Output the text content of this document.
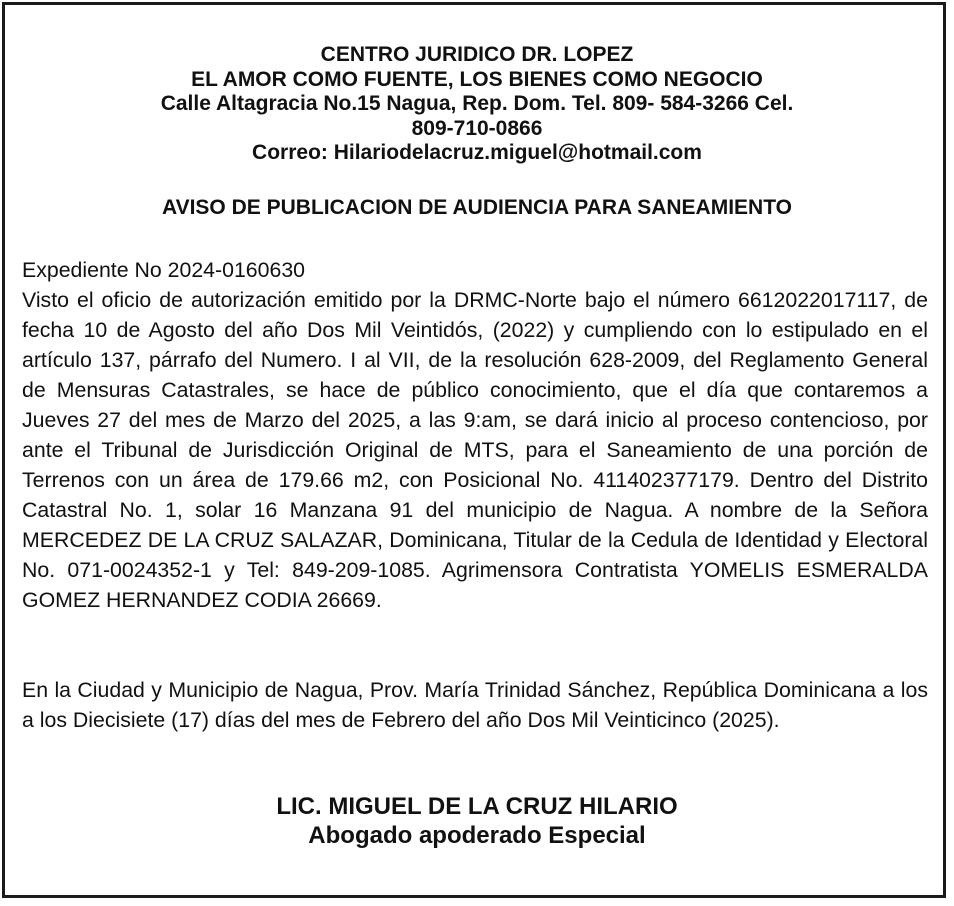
CENTRO JURIDICO DR. LOPEZ
EL AMOR COMO FUENTE, LOS BIENES COMO NEGOCIO
Calle Altagracia No.15 Nagua, Rep. Dom. Tel. 809- 584-3266 Cel.
809-710-0866
Correo: Hilariodelacruz.miguel@hotmail.com
AVISO DE PUBLICACION DE AUDIENCIA PARA SANEAMIENTO
Expediente No 2024-0160630
Visto el oficio de autorización emitido por la DRMC-Norte bajo el número 6612022017117, de fecha 10 de Agosto del año Dos Mil Veintidós, (2022) y cumpliendo con lo estipulado en el artículo 137, párrafo del Numero. I al VII, de la resolución 628-2009, del Reglamento General de Mensuras Catastrales, se hace de público conocimiento, que el día que contaremos a Jueves 27 del mes de Marzo del 2025, a las 9:am, se dará inicio al proceso contencioso, por ante el Tribunal de Jurisdicción Original de MTS, para el Saneamiento de una porción de Terrenos con un área de 179.66 m2, con Posicional No. 411402377179. Dentro del Distrito Catastral No. 1, solar 16 Manzana 91 del municipio de Nagua. A nombre de la Señora MERCEDEZ DE LA CRUZ SALAZAR, Dominicana, Titular de la Cedula de Identidad y Electoral No. 071-0024352-1 y Tel: 849-209-1085. Agrimensora Contratista YOMELIS ESMERALDA GOMEZ HERNANDEZ CODIA 26669.
En la Ciudad y Municipio de Nagua, Prov. María Trinidad Sánchez, República Dominicana a los a los Diecisiete (17) días del mes de Febrero del año Dos Mil Veinticinco (2025).
LIC. MIGUEL DE LA CRUZ HILARIO
Abogado apoderado Especial
